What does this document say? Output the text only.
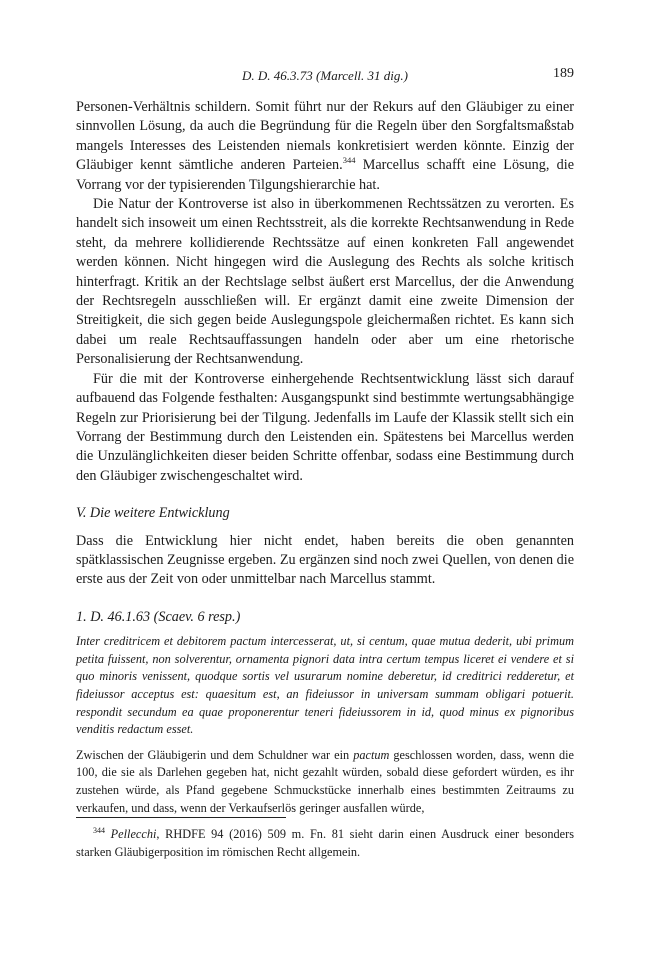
D. D. 46.3.73 (Marcell. 31 dig.)	189

Personen-Verhältnis schildern. Somit führt nur der Rekurs auf den Gläubiger zu einer sinnvollen Lösung, da auch die Begründung für die Regeln über den Sorgfaltsmaßstab mangels Interesses des Leistenden niemals konkretisiert werden könnte. Einzig der Gläubiger kennt sämtliche anderen Parteien.$^{344}$ Marcellus schafft eine Lösung, die Vorrang vor der typisierenden Tilgungshierarchie hat.

Die Natur der Kontroverse ist also in überkommenen Rechtssätzen zu verorten. Es handelt sich insoweit um einen Rechtsstreit, als die korrekte Rechtsanwendung in Rede steht, da mehrere kollidierende Rechtssätze auf einen konkreten Fall angewendet werden können. Nicht hingegen wird die Auslegung des Rechts als solche kritisch hinterfragt. Kritik an der Rechtslage selbst äußert erst Marcellus, der die Anwendung der Rechtsregeln ausschließen will. Er ergänzt damit eine zweite Dimension der Streitigkeit, die sich gegen beide Auslegungspole gleichermaßen richtet. Es kann sich dabei um reale Rechtsauffassungen handeln oder aber um eine rhetorische Personalisierung der Rechtsanwendung.

Für die mit der Kontroverse einhergehende Rechtsentwicklung lässt sich darauf aufbauend das Folgende festhalten: Ausgangspunkt sind bestimmte wertungsabhängige Regeln zur Priorisierung bei der Tilgung. Jedenfalls im Laufe der Klassik stellt sich ein Vorrang der Bestimmung durch den Leistenden ein. Spätestens bei Marcellus werden die Unzulänglichkeiten dieser beiden Schritte offenbar, sodass eine Bestimmung durch den Gläubiger zwischengeschaltet wird.

V. Die weitere Entwicklung

Dass die Entwicklung hier nicht endet, haben bereits die oben genannten spätklassischen Zeugnisse ergeben. Zu ergänzen sind noch zwei Quellen, von denen die erste aus der Zeit von oder unmittelbar nach Marcellus stammt.

1. D. 46.1.63 (Scaev. 6 resp.)

Inter creditricem et debitorem pactum intercesserat, ut, si centum, quae mutua dederit, ubi primum petita fuissent, non solverentur, ornamenta pignori data intra certum tempus liceret ei vendere et si quo minoris venissent, quodque sortis vel usurarum nomine deberetur, id creditrici redderetur, et fideiussor acceptus est: quaesitum est, an fideiussor in universam summam obligari potuerit. respondit secundum ea quae proponerentur teneri fideiussorem in id, quod minus ex pignoribus venditis redactum esset.

Zwischen der Gläubigerin und dem Schuldner war ein pactum geschlossen worden, dass, wenn die 100, die sie als Darlehen gegeben hat, nicht gezahlt würden, sobald diese gefordert würden, es ihr zustehen würde, als Pfand gegebene Schmuckstücke innerhalb eines bestimmten Zeitraums zu verkaufen, und dass, wenn der Verkaufserlös geringer ausfallen würde,

$^{344}$ Pellecchi, RHDFE 94 (2016) 509 m. Fn. 81 sieht darin einen Ausdruck einer besonders starken Gläubigerposition im römischen Recht allgemein.
